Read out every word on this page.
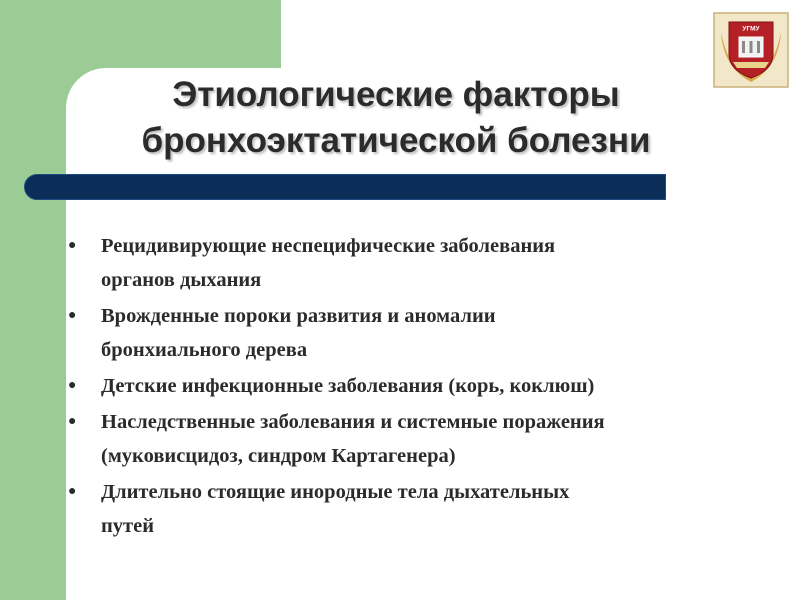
Этиологические факторы
бронхоэктатической болезни
● Рецидивирующие неспецифические заболевания
органов дыхания
● Врожденные пороки развития и аномалии
бронхиального дерева
● Детские инфекционные заболевания (корь, коклюш)
● Наследственные заболевания и системные поражения
(муковисцидоз, синдром Картагенера)
● Длительно стоящие инородные тела дыхательных
путей
УГМУ
